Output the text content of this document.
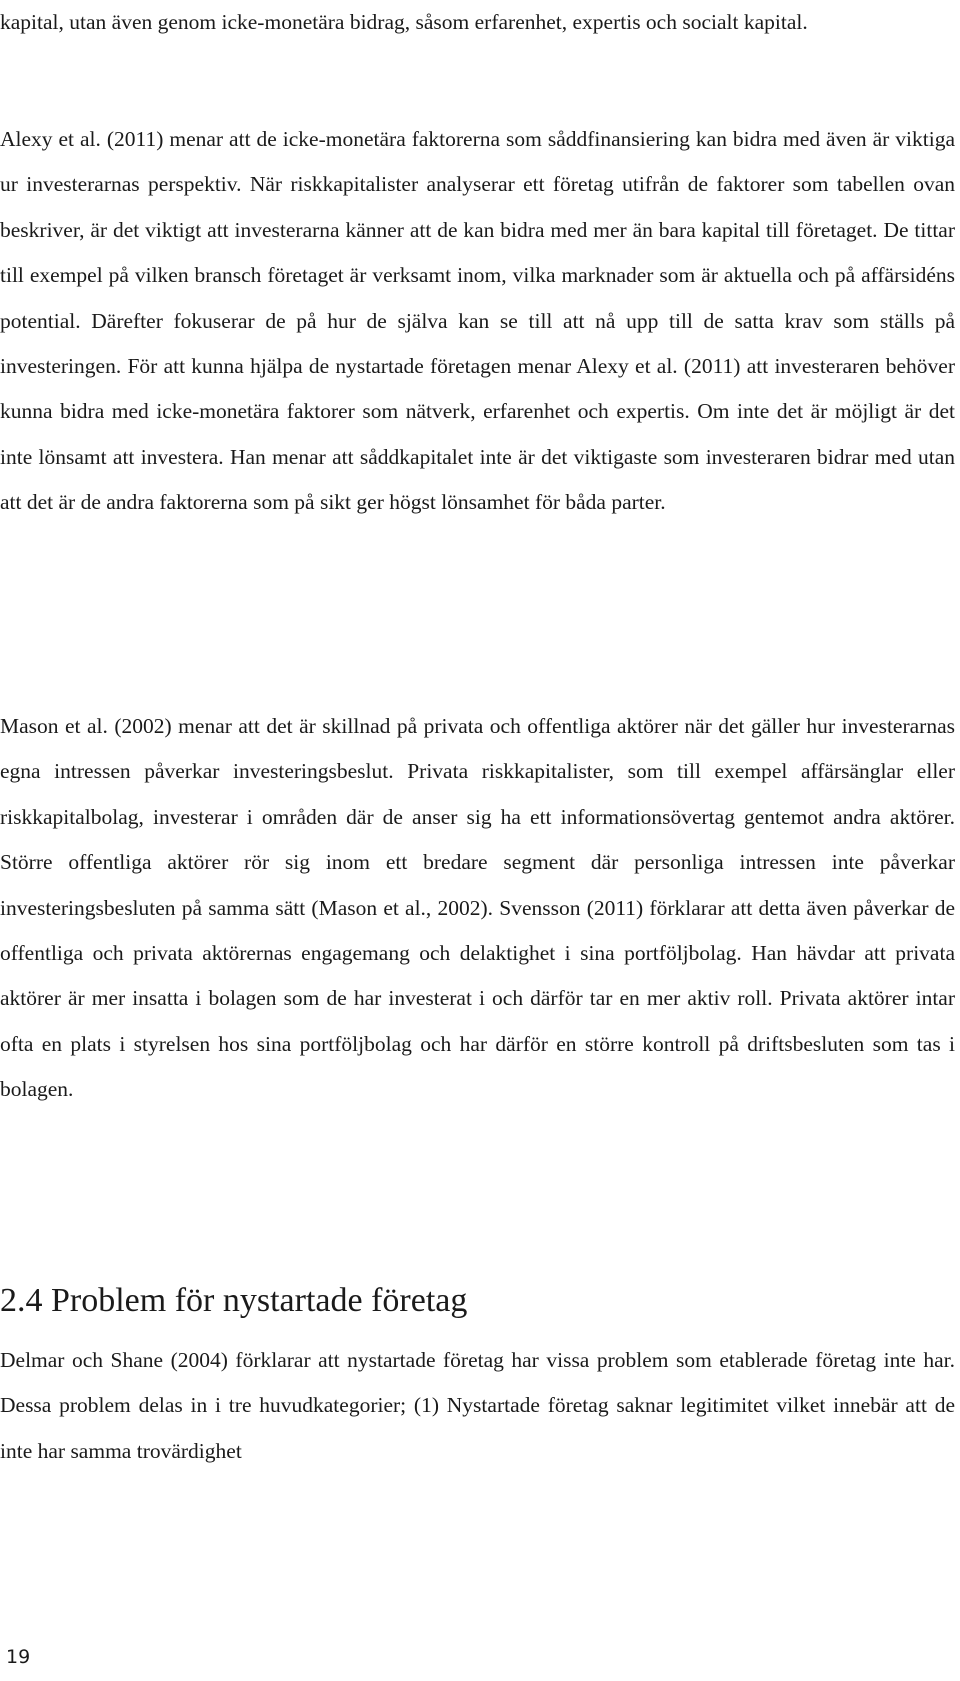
kapital, utan även genom icke-monetära bidrag, såsom erfarenhet, expertis och socialt kapital.

Alexy et al. (2011) menar att de icke-monetära faktorerna som såddfinansiering kan bidra med även är viktiga ur investerarnas perspektiv. När riskkapitalister analyserar ett företag utifrån de faktorer som tabellen ovan beskriver, är det viktigt att investerarna känner att de kan bidra med mer än bara kapital till företaget. De tittar till exempel på vilken bransch företaget är verksamt inom, vilka marknader som är aktuella och på affärsidéns potential. Därefter fokuserar de på hur de själva kan se till att nå upp till de satta krav som ställs på investeringen. För att kunna hjälpa de nystartade företagen menar Alexy et al. (2011) att investeraren behöver kunna bidra med icke-monetära faktorer som nätverk, erfarenhet och expertis. Om inte det är möjligt är det inte lönsamt att investera. Han menar att såddkapitalet inte är det viktigaste som investeraren bidrar med utan att det är de andra faktorerna som på sikt ger högst lönsamhet för båda parter.

Mason et al. (2002) menar att det är skillnad på privata och offentliga aktörer när det gäller hur investerarnas egna intressen påverkar investeringsbeslut. Privata riskkapitalister, som till exempel affärsänglar eller riskkapitalbolag, investerar i områden där de anser sig ha ett informationsövertag gentemot andra aktörer. Större offentliga aktörer rör sig inom ett bredare segment där personliga intressen inte påverkar investeringsbesluten på samma sätt (Mason et al., 2002). Svensson (2011) förklarar att detta även påverkar de offentliga och privata aktörernas engagemang och delaktighet i sina portföljbolag. Han hävdar att privata aktörer är mer insatta i bolagen som de har investerat i och därför tar en mer aktiv roll. Privata aktörer intar ofta en plats i styrelsen hos sina portföljbolag och har därför en större kontroll på driftsbesluten som tas i bolagen.

2.4 Problem för nystartade företag

Delmar och Shane (2004) förklarar att nystartade företag har vissa problem som etablerade företag inte har. Dessa problem delas in i tre huvudkategorier; (1) Nystartade företag saknar legitimitet vilket innebär att de inte har samma trovärdighet

19
